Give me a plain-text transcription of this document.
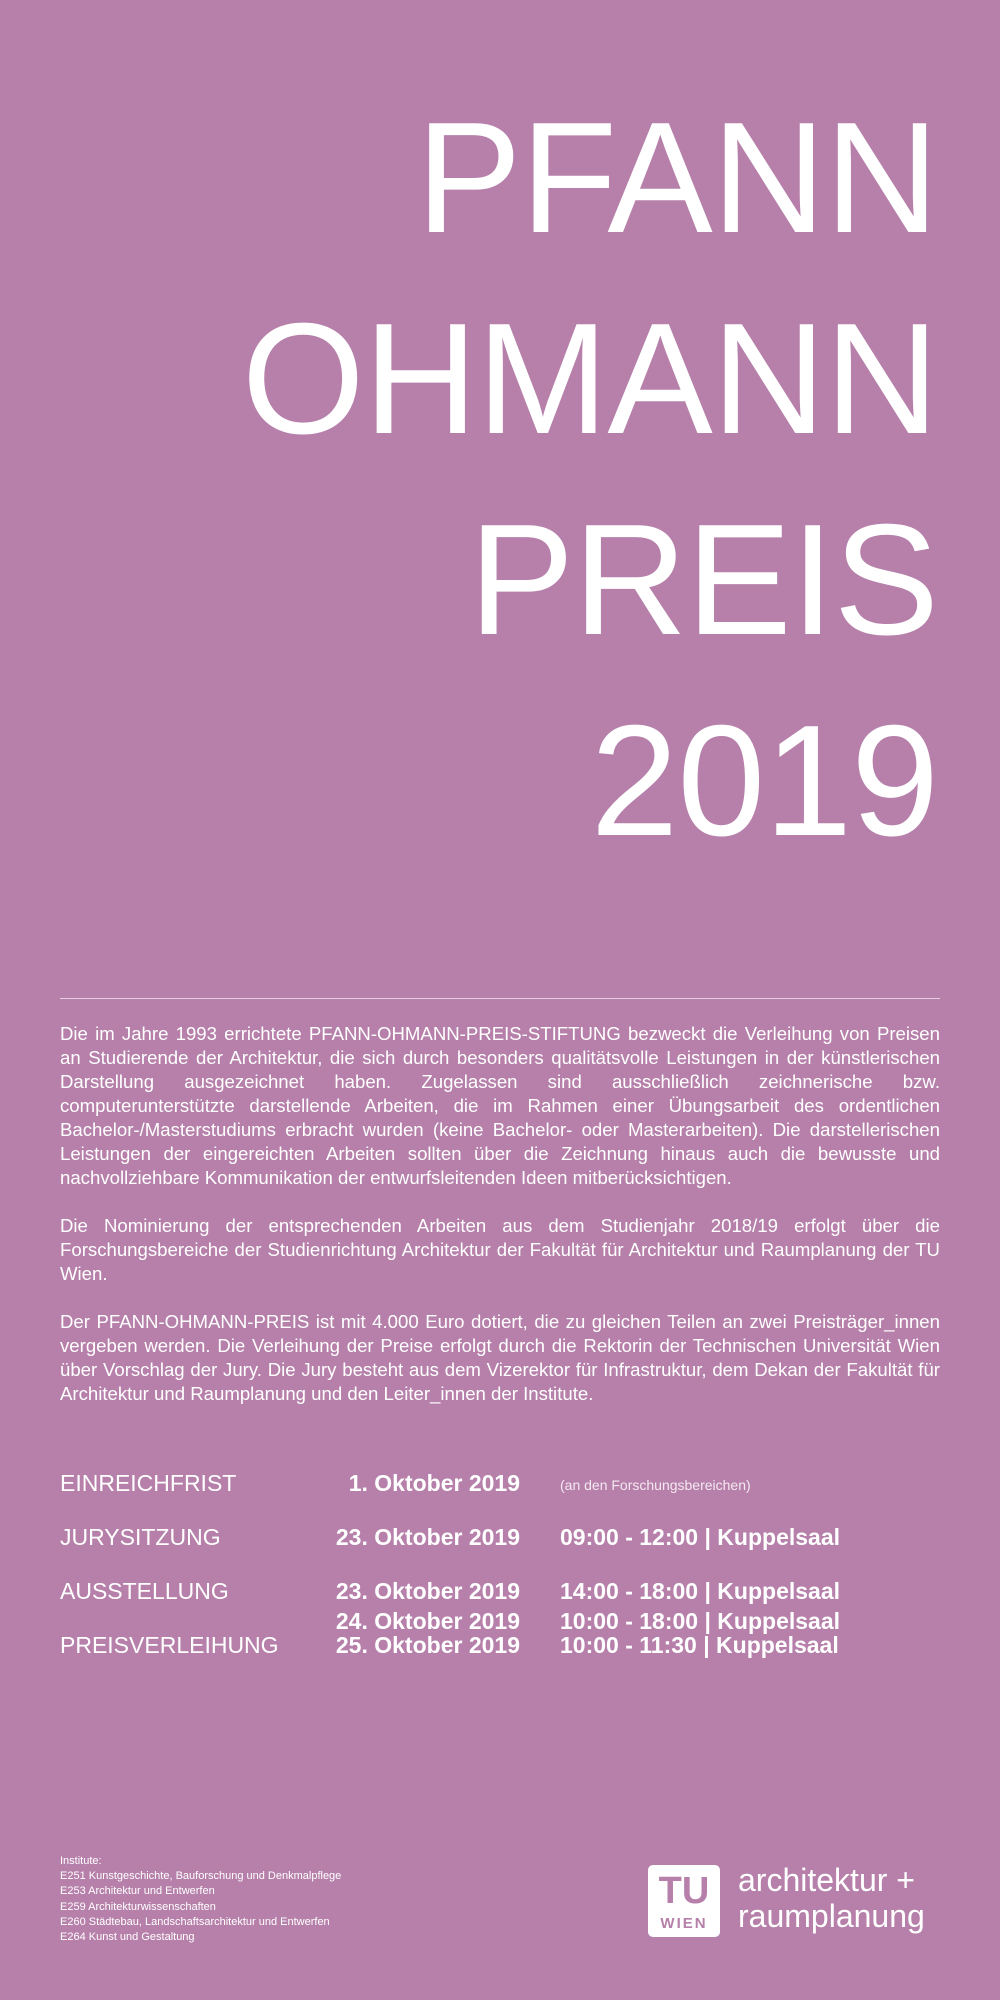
PFANN
OHMANN
PREIS
2019

Die im Jahre 1993 errichtete PFANN-OHMANN-PREIS-STIFTUNG bezweckt die Verleihung von Preisen an Studierende der Architektur, die sich durch besonders qualitätsvolle Leistungen in der künstlerischen Darstellung ausgezeichnet haben. Zugelassen sind ausschließlich zeichnerische bzw. computerunterstützte darstellende Arbeiten, die im Rahmen einer Übungsarbeit des ordentlichen Bachelor-/Masterstudiums erbracht wurden (keine Bachelor- oder Masterarbeiten). Die darstellerischen Leistungen der eingereichten Arbeiten sollten über die Zeichnung hinaus auch die bewusste und nachvollziehbare Kommunikation der entwurfsleitenden Ideen mitberücksichtigen.

Die Nominierung der entsprechenden Arbeiten aus dem Studienjahr 2018/19 erfolgt über die Forschungsbereiche der Studienrichtung Architektur der Fakultät für Architektur und Raumplanung der TU Wien.

Der PFANN-OHMANN-PREIS ist mit 4.000 Euro dotiert, die zu gleichen Teilen an zwei Preisträger_innen vergeben werden. Die Verleihung der Preise erfolgt durch die Rektorin der Technischen Universität Wien über Vorschlag der Jury. Die Jury besteht aus dem Vizerektor für Infrastruktur, dem Dekan der Fakultät für Architektur und Raumplanung und den Leiter_innen der Institute.

EINREICHFRIST	1. Oktober 2019	(an den Forschungsbereichen)
JURYSITZUNG	23. Oktober 2019 09:00 - 12:00 | Kuppelsaal
AUSSTELLUNG	23. Oktober 2019 14:00 - 18:00 | Kuppelsaal
24. Oktober 2019 10:00 - 18:00 | Kuppelsaal
PREISVERLEIHUNG 25. Oktober 2019 10:00 - 11:30 | Kuppelsaal
Institute:
E251 Kunstgeschichte, Bauforschung und Denkmalpflege
E253 Architektur und Entwerfen
E259 Architekturwissenschaften
E260 Städtebau, Landschaftsarchitektur und Entwerfen
E264 Kunst und Gestaltung
TU
WIEN
architektur +
raumplanung
